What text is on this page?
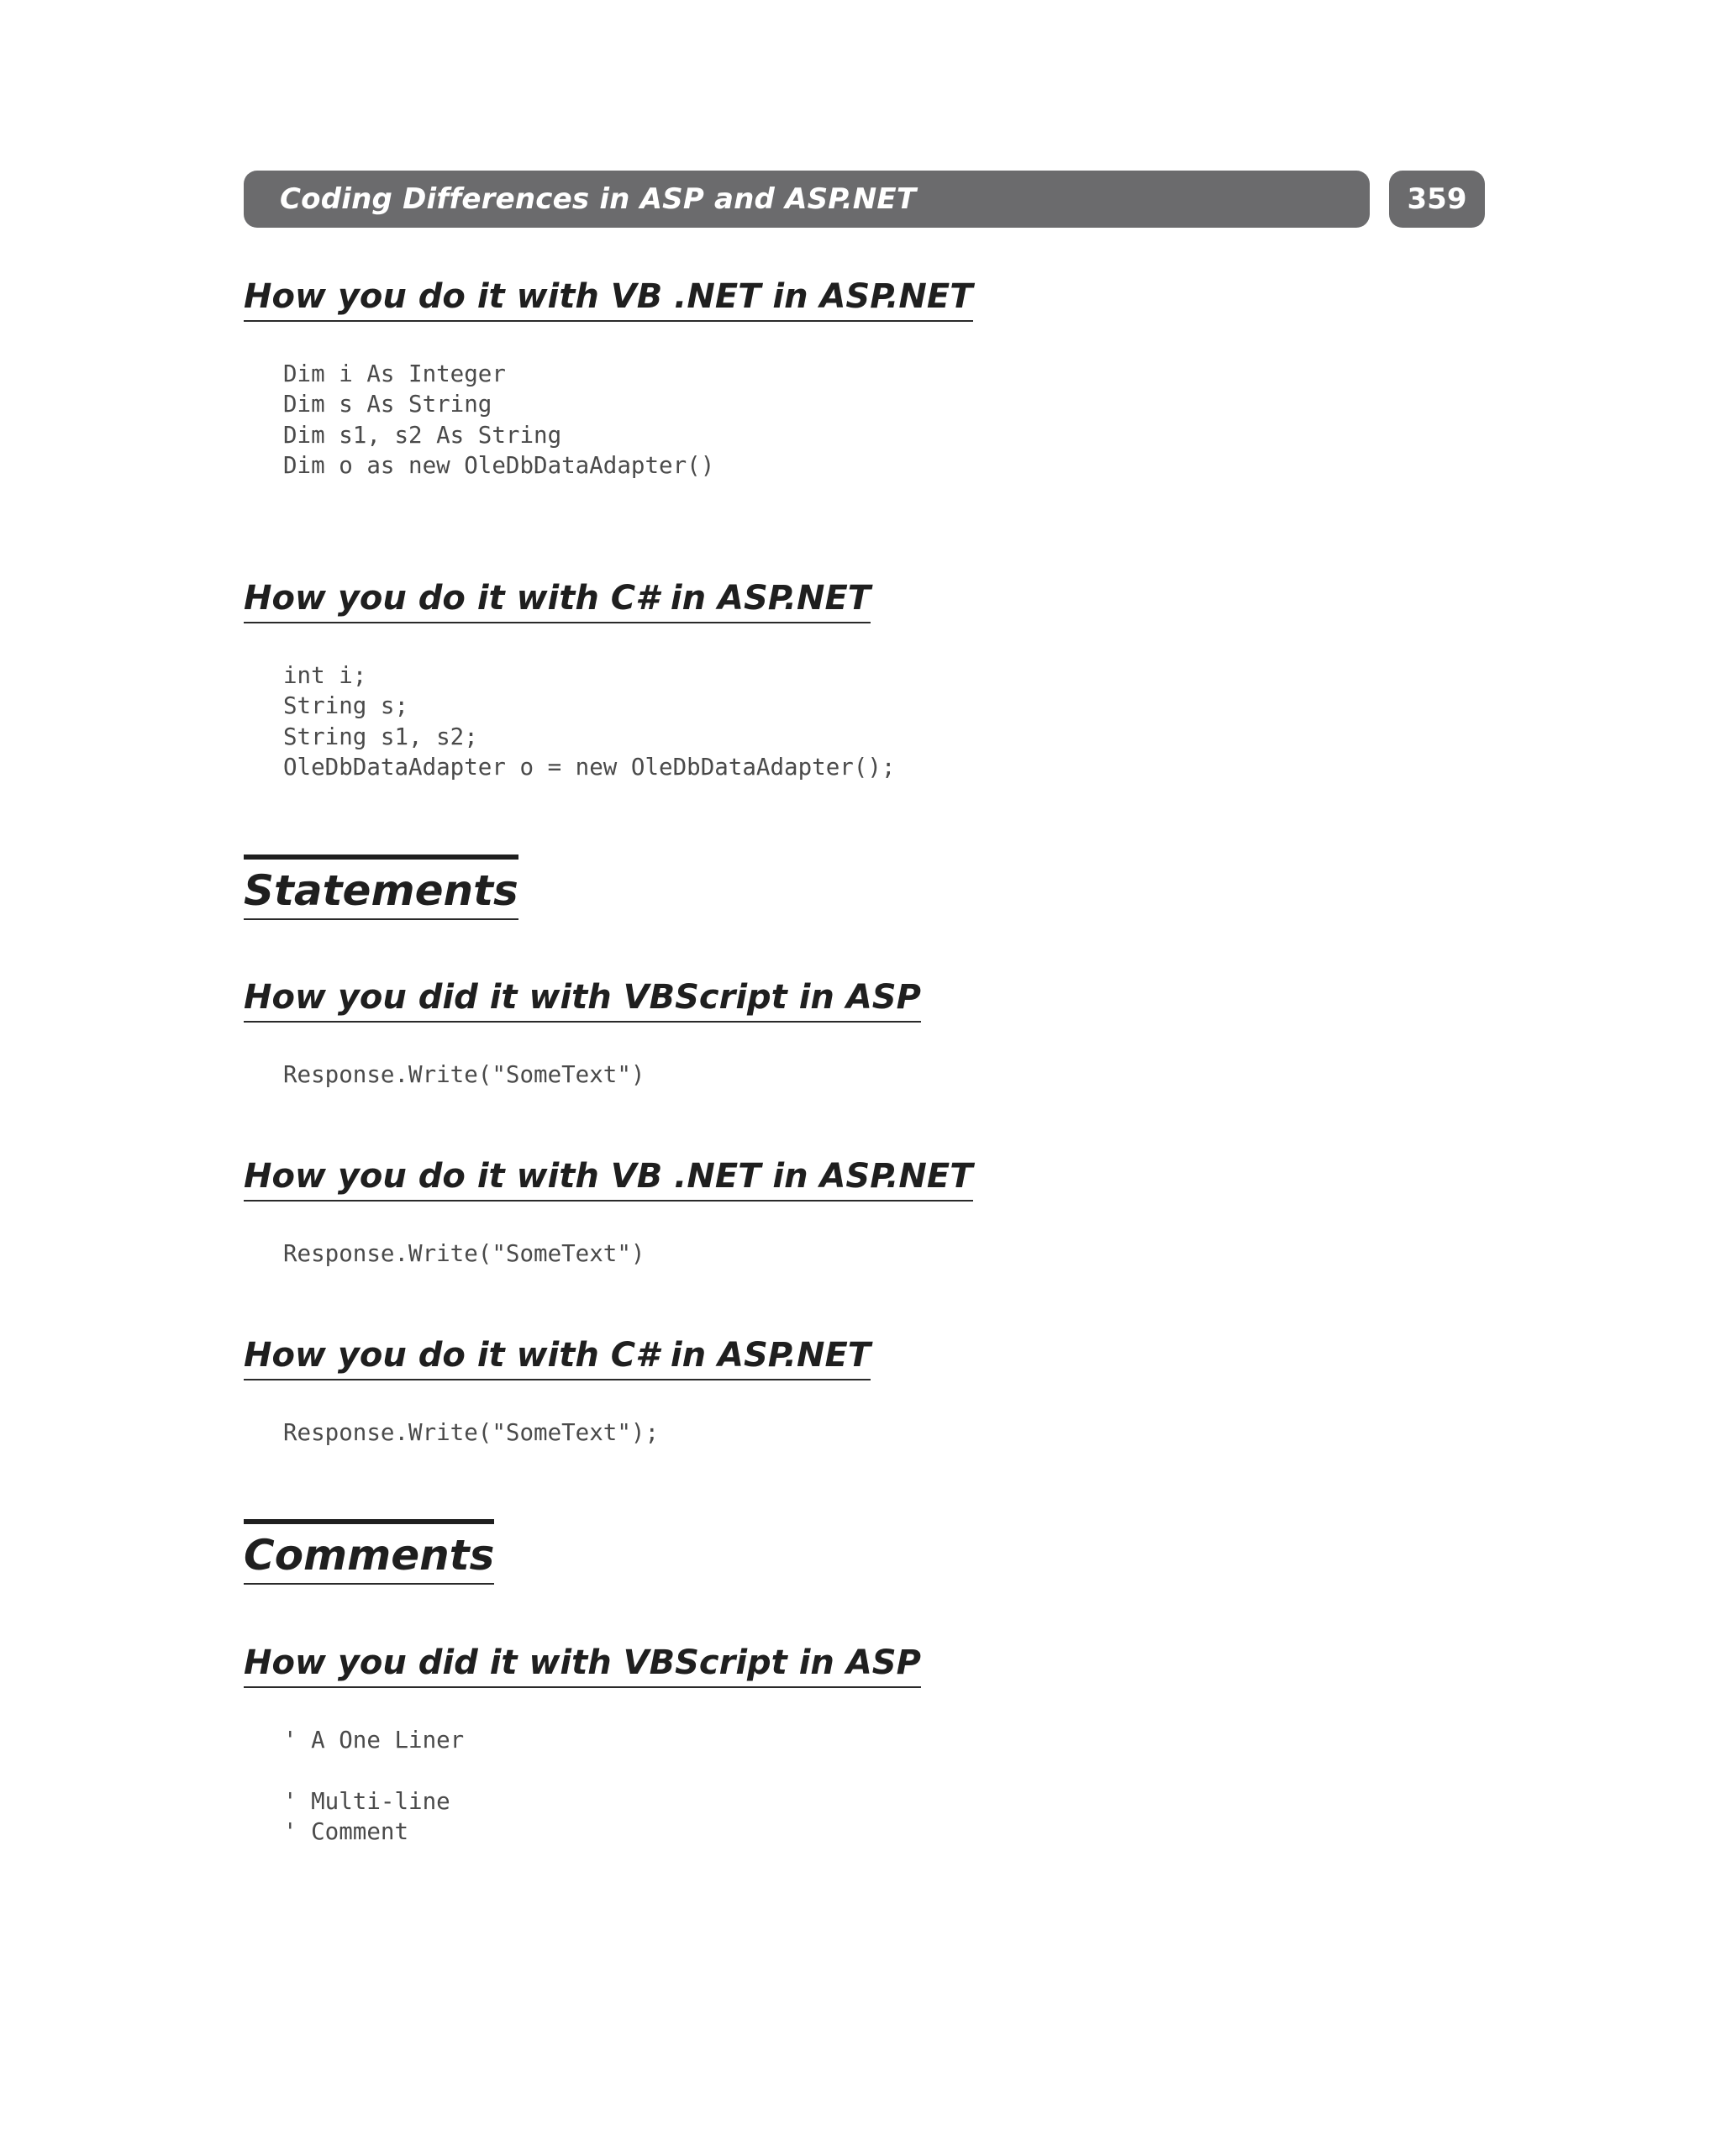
Coding Differences in ASP and ASP.NET	359
How you do it with VB .NET in ASP.NET
Dim i As Integer
Dim s As String
Dim s1, s2 As String
Dim o as new OleDbDataAdapter()
How you do it with C# in ASP.NET
int i;
String s;
String s1, s2;
OleDbDataAdapter o = new OleDbDataAdapter();
Statements
How you did it with VBScript in ASP
Response.Write("SomeText")
How you do it with VB .NET in ASP.NET
Response.Write("SomeText")
How you do it with C# in ASP.NET
Response.Write("SomeText");
Comments
How you did it with VBScript in ASP
' A One Liner
' Multi-line
' Comment
